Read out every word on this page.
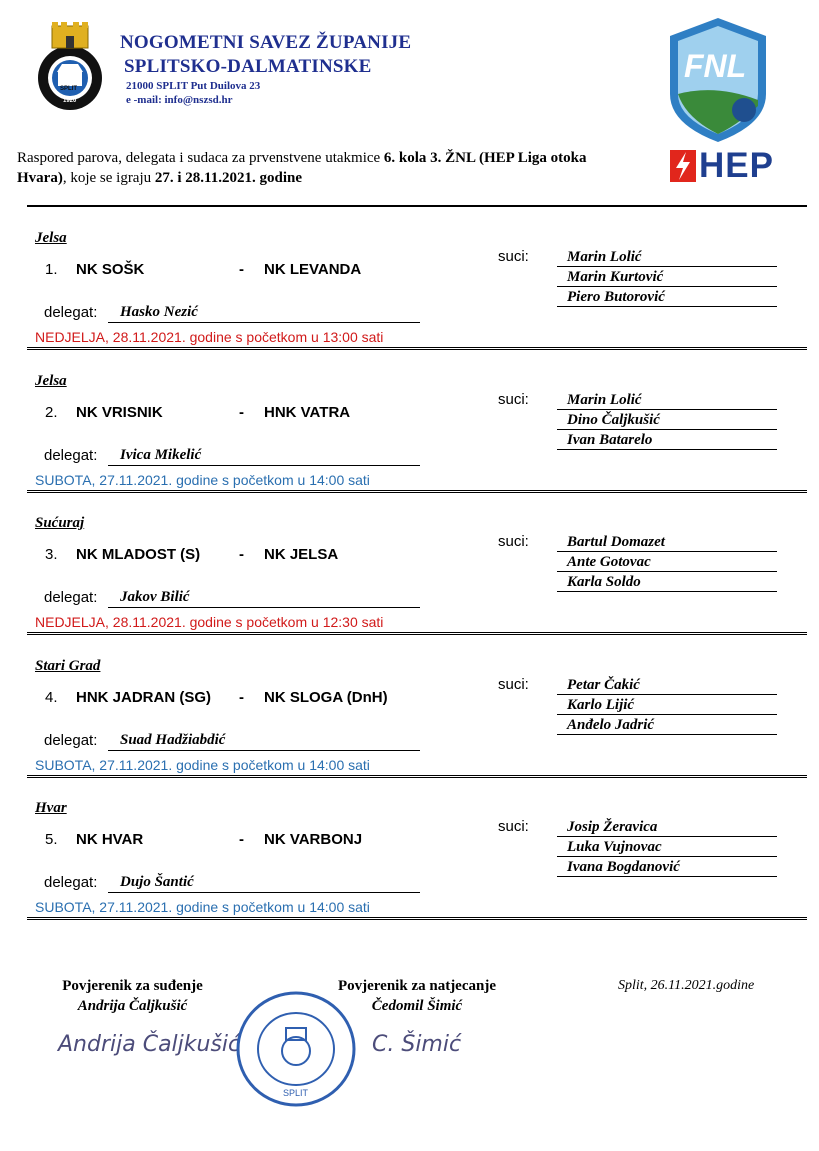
SPLIT
1920
NOGOMETNI SAVEZ ŽUPANIJE
SPLITSKO-DALMATINSKE
21000 SPLIT Put Duilova 23
e -mail: info@nszsd.hr
FNL
HEP
Raspored parova, delegata i sudaca za prvenstvene utakmice 6. kola 3. ŽNL (HEP Liga otoka Hvara), koje se igraju 27. i 28.11.2021. godine
Jelsa
1. NK SOŠK	- NK LEVANDA
suci:	Marin Lolić
Marin Kurtović
Piero Butorović
delegat:	Hasko Nezić
NEDJELJA, 28.11.2021. godine s početkom u 13:00 sati
Jelsa
2. NK VRISNIK	- HNK VATRA
suci:	Marin Lolić
Dino Čaljkušić
Ivan Batarelo
delegat:	Ivica Mikelić
SUBOTA, 27.11.2021. godine s početkom u 14:00 sati
Sućuraj
3. NK MLADOST (S)	- NK JELSA
suci:	Bartul Domazet
Ante Gotovac
Karla Soldo
delegat:	Jakov Bilić
NEDJELJA, 28.11.2021. godine s početkom u 12:30 sati
Stari Grad
4. HNK JADRAN (SG) - NK SLOGA (DnH)
suci:	Petar Čakić
Karlo Lijić
Anđelo Jadrić
delegat:	Suad Hadžiabdić
SUBOTA, 27.11.2021. godine s početkom u 14:00 sati
Hvar
5. NK HVAR	- NK VARBONJ
suci:	Josip Žeravica
Luka Vujnovac
Ivana Bogdanović
delegat:	Dujo Šantić
SUBOTA, 27.11.2021. godine s početkom u 14:00 sati
Povjerenik za suđenje
Andrija Čaljkušić
Andrija Čaljkušić
SPLIT
Povjerenik za natjecanje
Čedomil Šimić
C. Šimić
Split, 26.11.2021.godine
